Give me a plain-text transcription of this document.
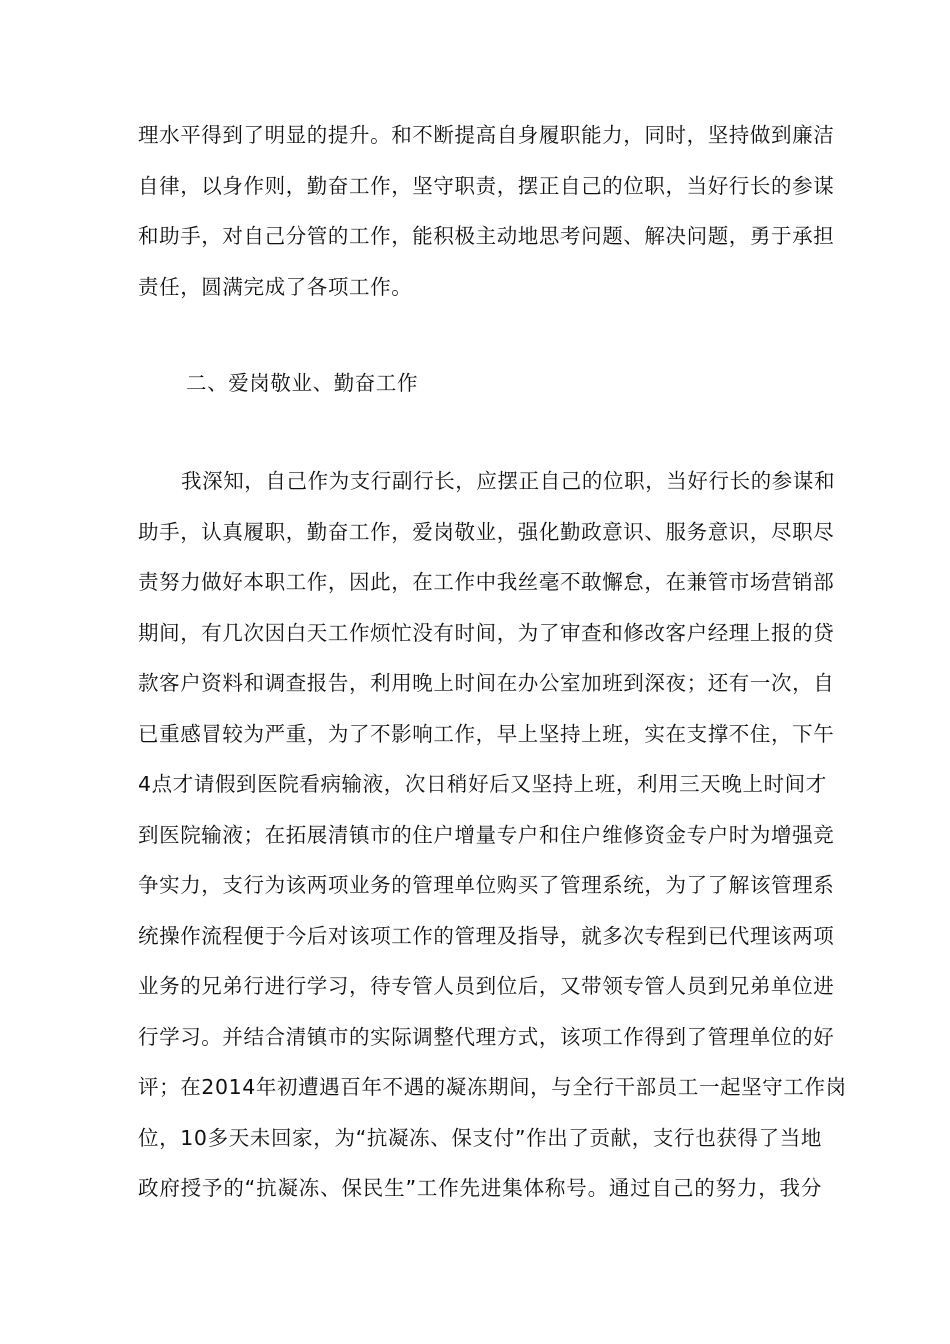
理水平得到了明显的提升。和不断提高自身履职能力，同时，坚持做到廉洁
自律，以身作则，勤奋工作，坚守职责，摆正自己的位职，当好行长的参谋
和助手，对自己分管的工作，能积极主动地思考问题、解决问题，勇于承担
责任，圆满完成了各项工作。
二、爱岗敬业、勤奋工作
我深知，自己作为支行副行长，应摆正自己的位职，当好行长的参谋和
助手，认真履职，勤奋工作，爱岗敬业，强化勤政意识、服务意识，尽职尽
责努力做好本职工作，因此，在工作中我丝毫不敢懈怠，在兼管市场营销部
期间，有几次因白天工作烦忙没有时间，为了审查和修改客户经理上报的贷
款客户资料和调查报告，利用晚上时间在办公室加班到深夜；还有一次，自
已重感冒较为严重，为了不影响工作，早上坚持上班，实在支撑不住，下午
4点才请假到医院看病输液，次日稍好后又坚持上班，利用三天晚上时间才
到医院输液；在拓展清镇市的住户增量专户和住户维修资金专户时为增强竞
争实力，支行为该两项业务的管理单位购买了管理系统，为了了解该管理系
统操作流程便于今后对该项工作的管理及指导，就多次专程到已代理该两项
业务的兄弟行进行学习，待专管人员到位后，又带领专管人员到兄弟单位进
行学习。并结合清镇市的实际调整代理方式，该项工作得到了管理单位的好
评；在2014年初遭遇百年不遇的凝冻期间，与全行干部员工一起坚守工作岗
位，10多天未回家，为“抗凝冻、保支付”作出了贡献，支行也获得了当地
政府授予的“抗凝冻、保民生”工作先进集体称号。通过自己的努力，我分
